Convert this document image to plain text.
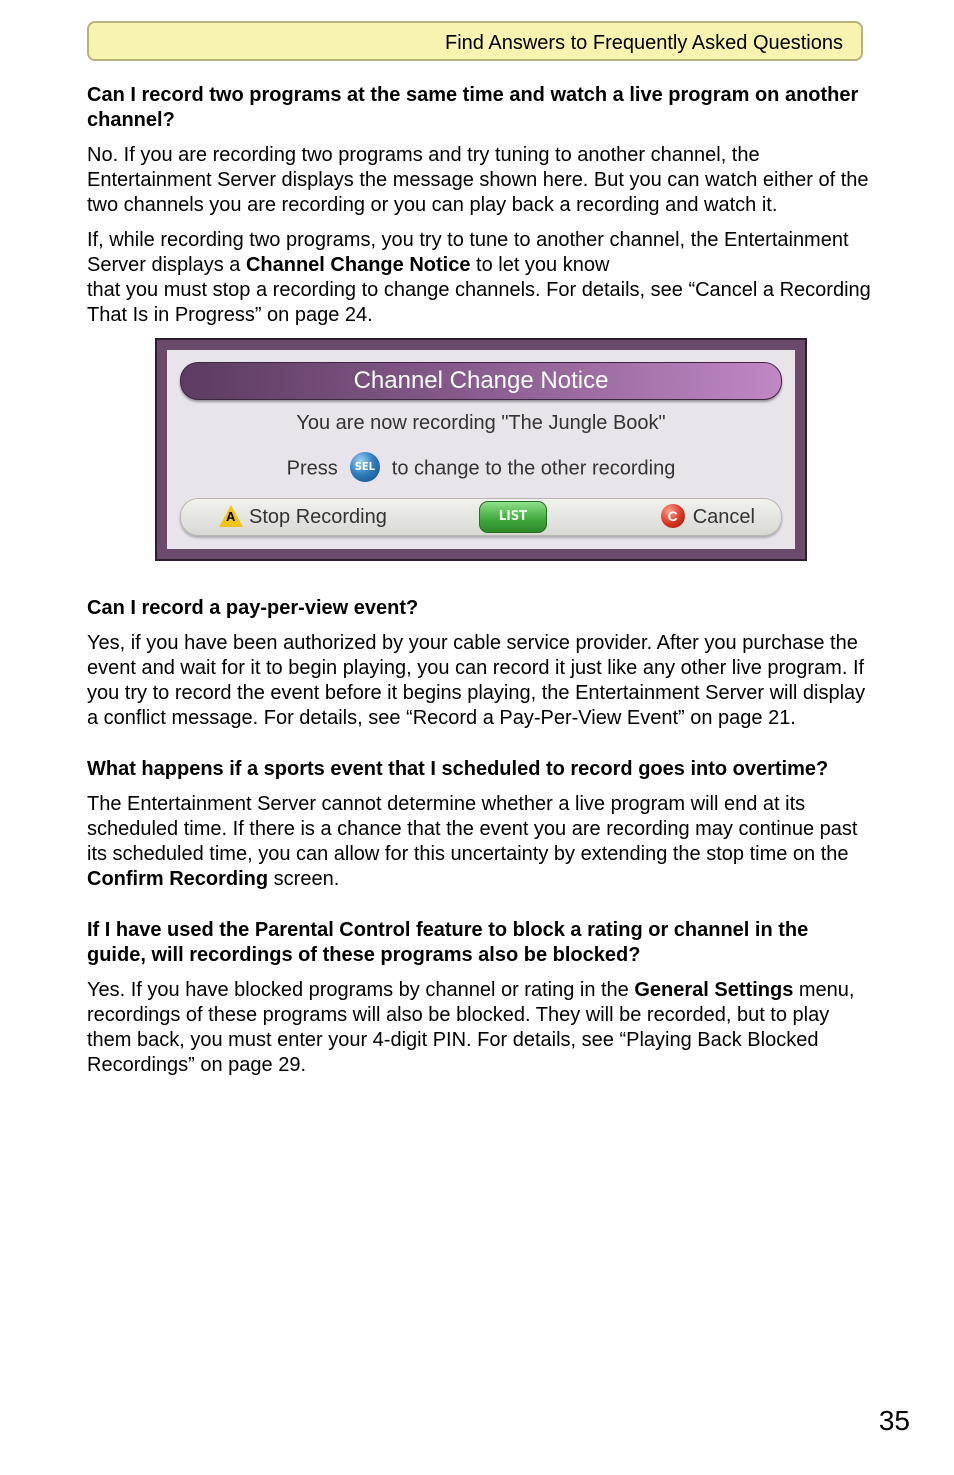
Find Answers to Frequently Asked Questions
Can I record two programs at the same time and watch a live program on another channel?
No. If you are recording two programs and try tuning to another channel, the Entertainment Server displays the message shown here. But you can watch either of the two channels you are recording or you can play back a recording and watch it.
If, while recording two programs, you try to tune to another channel, the Entertainment Server displays a Channel Change Notice to let you know
that you must stop a recording to change channels. For details, see “Cancel a Recording That Is in Progress” on page 24.
Channel Change Notice
You are now recording "The Jungle Book"
Press SEL to change to the other recording
A Stop Recording	LIST	C Cancel
Can I record a pay-per-view event?
Yes, if you have been authorized by your cable service provider. After you purchase the event and wait for it to begin playing, you can record it just like any other live program. If you try to record the event before it begins playing, the Entertainment Server will display a conflict message. For details, see “Record a Pay-Per-View Event” on page 21.
What happens if a sports event that I scheduled to record goes into overtime?
The Entertainment Server cannot determine whether a live program will end at its scheduled time. If there is a chance that the event you are recording may continue past its scheduled time, you can allow for this uncertainty by extending the stop time on the Confirm Recording screen.
If I have used the Parental Control feature to block a rating or channel in the guide, will recordings of these programs also be blocked?
Yes. If you have blocked programs by channel or rating in the General Settings menu, recordings of these programs will also be blocked. They will be recorded, but to play them back, you must enter your 4-digit PIN. For details, see “Playing Back Blocked Recordings” on page 29.
35
